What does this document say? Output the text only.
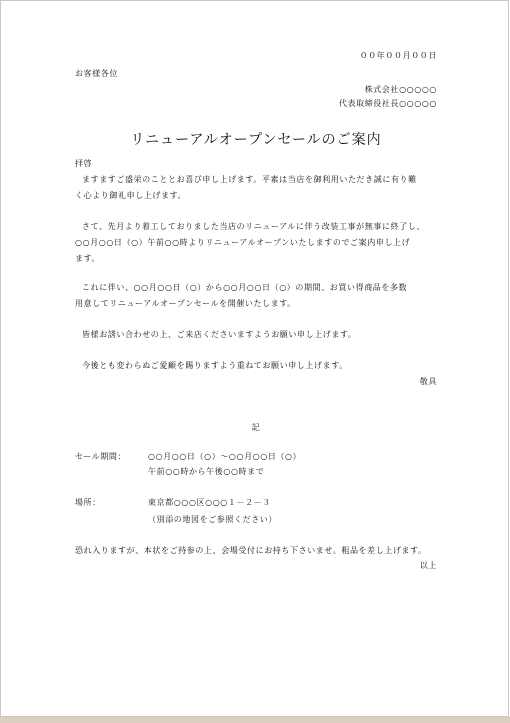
００年００月００日
お客様各位
株式会社○○○○○
代表取締役社長○○○○○
リニューアルオープンセールのご案内
拝啓
ますますご盛栄のこととお喜び申し上げます。平素は当店を御利用いただき誠に有り難
く心より御礼申し上げます。
さて、先月より着工しておりました当店のリニューアルに伴う改装工事が無事に終了し、
○○月○○日（○）午前○○時よりリニューアルオープンいたしますのでご案内申し上げ
ます。
これに伴い、○○月○○日（○）から○○月○○日（○）の期間、お買い得商品を多数
用意してリニューアルオープンセールを開催いたします。
皆様お誘い合わせの上、ご来店くださいますようお願い申し上げます。
今後とも変わらぬご愛顧を賜りますよう重ねてお願い申し上げます。
敬具
記
セール期間：	○○月○○日（○）～○○月○○日（○）
午前○○時から午後○○時まで
場所：	東京都○○○区○○○１－２－３
（別添の地図をご参照ください）
恐れ入りますが、本状をご持参の上、会場受付にお持ち下さいませ。粗品を差し上げます。
以上
